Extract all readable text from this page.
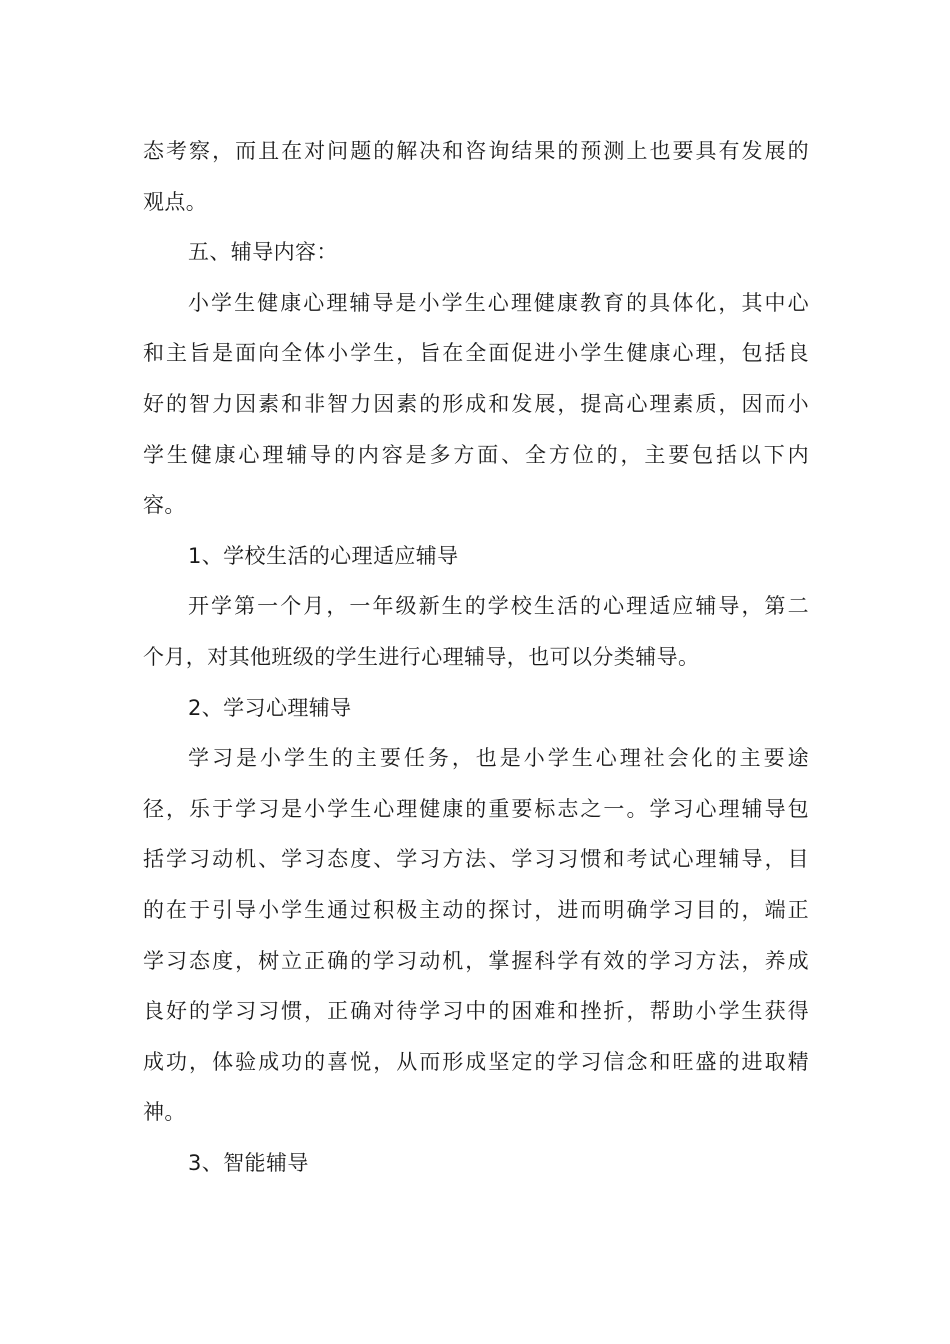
态考察，而且在对问题的解决和咨询结果的预测上也要具有发展的
观点。
五、辅导内容：
小学生健康心理辅导是小学生心理健康教育的具体化，其中心
和主旨是面向全体小学生，旨在全面促进小学生健康心理，包括良
好的智力因素和非智力因素的形成和发展，提高心理素质，因而小
学生健康心理辅导的内容是多方面、全方位的，主要包括以下内
容。
1、学校生活的心理适应辅导
开学第一个月，一年级新生的学校生活的心理适应辅导，第二
个月，对其他班级的学生进行心理辅导，也可以分类辅导。
2、学习心理辅导
学习是小学生的主要任务，也是小学生心理社会化的主要途
径，乐于学习是小学生心理健康的重要标志之一。学习心理辅导包
括学习动机、学习态度、学习方法、学习习惯和考试心理辅导，目
的在于引导小学生通过积极主动的探讨，进而明确学习目的，端正
学习态度，树立正确的学习动机，掌握科学有效的学习方法，养成
良好的学习习惯，正确对待学习中的困难和挫折，帮助小学生获得
成功，体验成功的喜悦，从而形成坚定的学习信念和旺盛的进取精
神。
3、智能辅导
